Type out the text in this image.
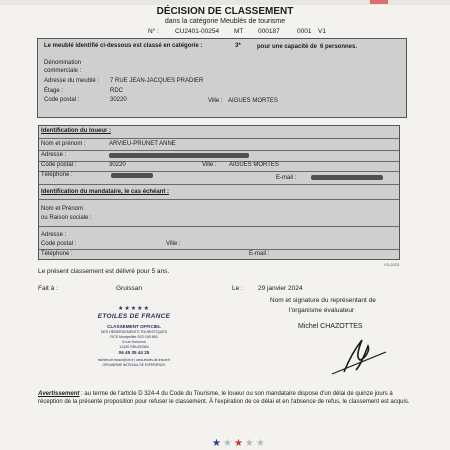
DÉCISION DE CLASSEMENT
dans la catégorie Meublés de tourisme
N° : CU2401-00254 MT 000187	0001 V1
Le meublé identifié ci-dessous est classé en catégorie :	3*	pour une capacité de 6 personnes.
Dénomination
commerciale :
Adresse du meublé : 7 RUE JEAN-JACQUES PRADIER
Étage :	RDC
Code postal :	30220	Ville : AIGUES MORTES
Identification du loueur :
Nom et prénom :	ARVIEU-PRUNET ANNE
Adresse :
Code postal :	30220	Ville : AIGUES MORTES
Téléphone :	E-mail :
Identification du mandataire, le cas échéant :
Nom et Prénom
ou Raison sociale :
Adresse :
Code postal :	Ville :
Téléphone :	E-mail :
V3-2023
Le présent classement est délivré pour 5 ans.
Fait à :	Gruissan	Le : 29 janvier 2024
Nom et signature du représentant de
l'organisme évaluateur
Michel CHAZOTTES
★★★★★
ETOILES DE FRANCE
CLASSEMENT OFFICIEL
DES HÉBERGEMENTS TOURISTIQUES
RCS Montpellier 523 195 865
8 rue Horizons
11430 GRUISSAN
06 45 35 44 25
michele.de.france@orb.fr | www.etoiles-de-france.fr
ORGANISME NATIONAL DE EXPERIENCE
Avertissement : au terme de l'article D 324-4 du Code du Tourisme, le loueur ou son mandataire dispose d'un délai de quinze jours à réception de la présente proposition pour refuser le classement. À l'expiration de ce délai et en l'absence de refus, le classement est acquis.
★★★★★
